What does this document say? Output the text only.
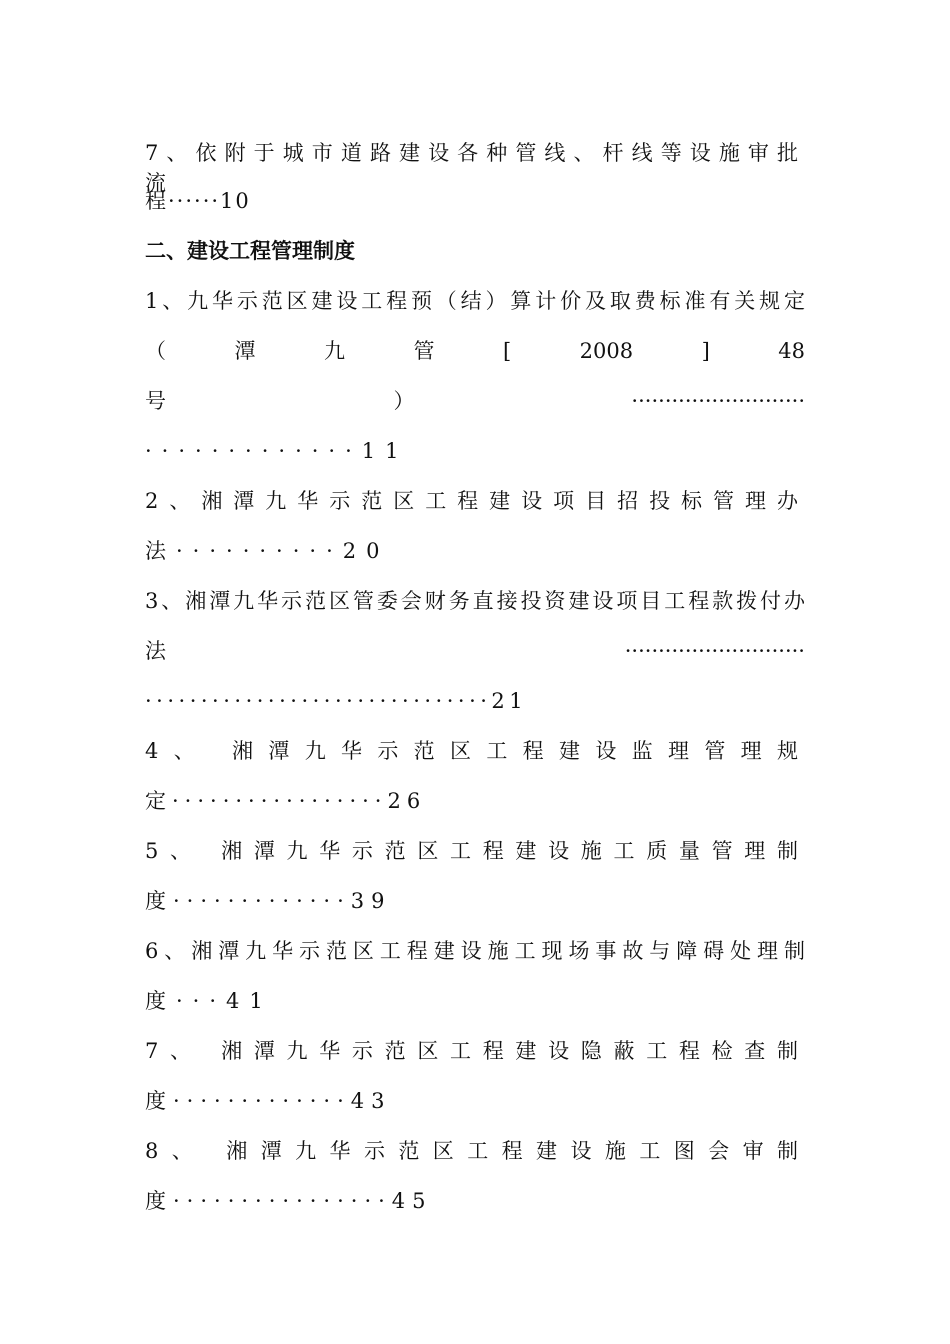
7、依附于城市道路建设各种管线、杆线等设施审批流
程······10
二、建设工程管理制度
1、九华示范区建设工程预（结）算计价及取费标准有关规定
（	潭	九	管	[	2008	]	48
号）··························
·············11
2、湘潭九华示范区工程建设项目招投标管理办
法··········20
3、湘潭九华示范区管委会财务直接投资建设项目工程款拨付办
法 ···························
·······························21
4、 湘潭九华示范区工程建设监理管理规
定·················26
5、 湘潭九华示范区工程建设施工质量管理制
度·············39
6、湘潭九华示范区工程建设施工现场事故与障碍处理制
度···41
7、 湘潭九华示范区工程建设隐蔽工程检查制
度·············43
8、 湘潭九华示范区工程建设施工图会审制
度················45
